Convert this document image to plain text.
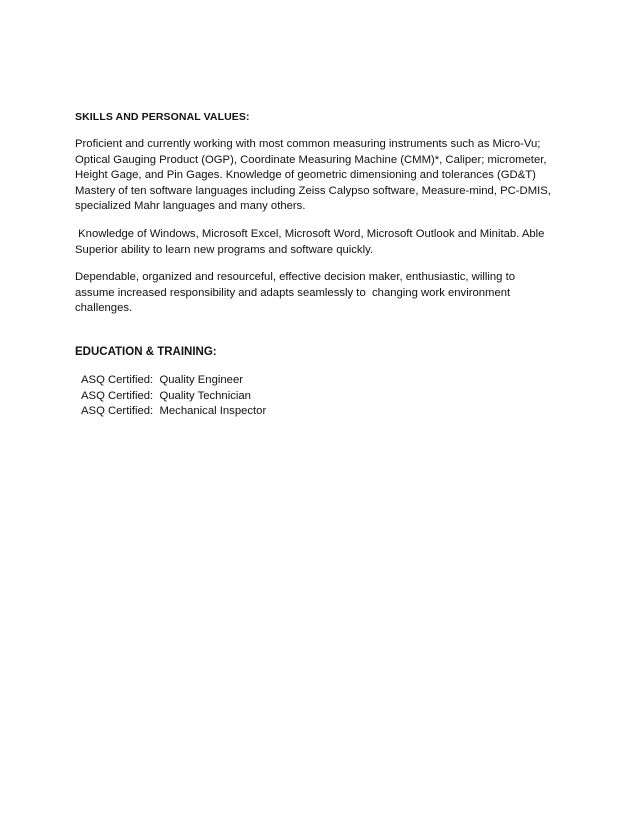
SKILLS AND PERSONAL VALUES:

Proficient and currently working with most common measuring instruments such as Micro-Vu;

Optical Gauging Product (OGP), Coordinate Measuring Machine (CMM)*, Caliper; micrometer,

Height Gage, and Pin Gages. Knowledge of geometric dimensioning and tolerances (GD&T)

Mastery of ten software languages including Zeiss Calypso software, Measure-mind, PC-DMIS,

specialized Mahr languages and many others.

Knowledge of Windows, Microsoft Excel, Microsoft Word, Microsoft Outlook and Minitab. Able

Superior ability to learn new programs and software quickly.

Dependable, organized and resourceful, effective decision maker, enthusiastic, willing to

assume increased responsibility and adapts seamlessly to  changing work environment

challenges.

EDUCATION & TRAINING:

ASQ Certified:  Quality Engineer

ASQ Certified:  Quality Technician

ASQ Certified:  Mechanical Inspector
